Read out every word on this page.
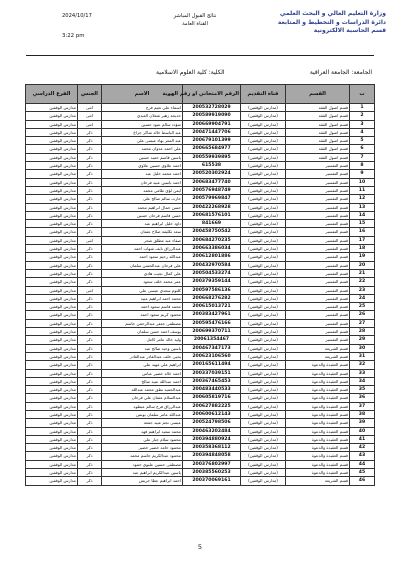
وزارة التعليم العالي و البحث العلمي
دائرة الدراسات و التخطيط و المتابعة
قسم الحاسبة الالكترونية
نتائج القبول المباشر
القناة العامة
2024/10/17
3:22 pm
الجامعة: الجامعة العراقية
الكلية: كلية العلوم الاسلامية
ت	القسم	قناة التقديم	الرقم الامتحاني او رقم الهوية	الاسم	الجنس	الفرع الدراسي
1	قسم اصول الفقه	(مدارس الوقفين)	200532728029	اسماء علي نعيم فرج	انثى	مدارس الوقفين
2	قسم اصول الفقه	(مدارس الوقفين)	200589919090	خديجة زهير شعلان العبدي	انثى	مدارس الوقفين
3	قسم اصول الفقه	(مدارس الوقفين)	200669904791	سؤدد سالم عبود حسين	انثى	مدارس الوقفين
4	قسم اصول الفقه	(مدارس الوقفين)	200471447706	عبد الباسط خالد شاكر جزاع	ذكر	مدارس الوقفين
5	قسم اصول الفقه	(مدارس الوقفين)	200679101399	عبد المعز بهاء عيسى علي	ذكر	مدارس الوقفين
6	قسم اصول الفقه	(مدارس الوقفين)	200665684977	علي احمد عدوان محمد	ذكر	مدارس الوقفين
7	قسم اصول الفقه	(مدارس الوقفين)	200559939895	ياسين قاسم حميد حسين	ذكر	مدارس الوقفين
8	قسم التفسير	(مدارس الوقفين)	615538	احمد علاوي حسين علاوي	ذكر	مدارس الوقفين
9	قسم التفسير	(مدارس الوقفين)	200520302924	احمد محمد خليل عبد	ذكر	مدارس الوقفين
10	قسم التفسير	(مدارس الوقفين)	200683477740	احمد ياسين عبيد فرحان	ذكر	مدارس الوقفين
11	قسم التفسير	(مدارس الوقفين)	200576948749	ايمن لؤي طامي محمد	ذكر	مدارس الوقفين
12	قسم التفسير	(مدارس الوقفين)	200579969847	حارث سالم صالح علي	ذكر	مدارس الوقفين
13	قسم التفسير	(مدارس الوقفين)	200422268928	حسن جمال ابراهيم محمد	ذكر	مدارس الوقفين
14	قسم التفسير	(مدارس الوقفين)	200681576101	حسن قاسم فرحان حسين	ذكر	مدارس الوقفين
15	قسم التفسير	(مدارس الوقفين)	841669	داود خليل ابراهيم عبد	ذكر	مدارس الوقفين
16	قسم التفسير	(مدارس الوقفين)	200458750542	سعد تكليفة صلاح عثمان	ذكر	مدارس الوقفين
17	قسم التفسير	(مدارس الوقفين)	200684270235	صفاء عبد مطلق شحر	انثى	مدارس الوقفين
18	قسم التفسير	(مدارس الوقفين)	200663386034	عبدالرزاق نايف شهاب احمد	ذكر	مدارس الوقفين
19	قسم التفسير	(مدارس الوقفين)	200612801886	عبدالله رحيم سعود احمد	ذكر	مدارس الوقفين
20	قسم التفسير	(مدارس الوقفين)	200432970584	علي فرحان عبدالحسن سلمان	ذكر	مدارس الوقفين
21	قسم التفسير	(مدارس الوقفين)	200504533274	علي كمال نجيب هادي	ذكر	مدارس الوقفين
22	قسم التفسير	(مدارس الوقفين)	200379359144	عمر محمد خلف سعود	ذكر	مدارس الوقفين
23	قسم التفسير	(مدارس الوقفين)	200597586136	كلثوم سعدي عيسى علي	انثى	مدارس الوقفين
24	قسم التفسير	(مدارس الوقفين)	200668276282	محمد احمد ابراهيم عبيد	ذكر	مدارس الوقفين
25	قسم التفسير	(مدارس الوقفين)	200615013721	محمد قاسم سعود احمد	ذكر	مدارس الوقفين
26	قسم التفسير	(مدارس الوقفين)	200383427961	محمود كريم سعود احمد	ذكر	مدارس الوقفين
27	قسم التفسير	(مدارس الوقفين)	200595476166	مصطفى جعفر عبدالرحمن جاسم	ذكر	مدارس الوقفين
28	قسم التفسير	(مدارس الوقفين)	200699370711	يوسف احمد حسن سلمان	ذكر	مدارس الوقفين
29	قسم التفسير	(مدارس الوقفين)	20061354467	وليد خالد عامر كامل	ذكر	مدارس الوقفين
30	قسم الشريعة	(مدارس الوقفين)	200467347173	ياسين وحيد صالح عبد	ذكر	مدارس الوقفين
31	قسم الشريعة	(مدارس الوقفين)	200623106560	يحيى خلف عبدالقادر عبدالقادر	ذكر	مدارس الوقفين
32	قسم العقيدة والدعوة	(مدارس الوقفين)	200165611494	ابراهيم علي مهيد علي	ذكر	مدارس الوقفين
33	قسم العقيدة والدعوة	(مدارس الوقفين)	200337039151	احمد خالد خضير عباس	ذكر	مدارس الوقفين
34	قسم العقيدة والدعوة	(مدارس الوقفين)	200367465453	احمد عبدالله عبيد صالح	ذكر	مدارس الوقفين
35	قسم العقيدة والدعوة	(مدارس الوقفين)	200483440533	عبدالحميد نطق محمد عبدالله	ذكر	مدارس الوقفين
36	قسم العقيدة والدعوة	(مدارس الوقفين)	200605819716	عبدالسلام عثمان علي فرحان	ذكر	مدارس الوقفين
37	قسم العقيدة والدعوة	(مدارس الوقفين)	200627882225	عبدالرزاق فرج سالم عبطوه	ذكر	مدارس الوقفين
38	قسم العقيدة والدعوة	(مدارس الوقفين)	200600612143	عبدالله عامر سلمان يونس	ذكر	مدارس الوقفين
39	قسم العقيدة والدعوة	(مدارس الوقفين)	200524798506	عيسى نجم عبيد جمعة	ذكر	مدارس الوقفين
40	قسم العقيدة والدعوة	(مدارس الوقفين)	200463202484	محمد سعيد ابراهيم فهد	ذكر	مدارس الوقفين
41	قسم العقيدة والدعوة	(مدارس الوقفين)	200394880924	محمود سلام جبار علي	ذكر	مدارس الوقفين
42	قسم العقيدة والدعوة	(مدارس الوقفين)	200358368112	محمود حامد خضير خضير	ذكر	مدارس الوقفين
43	قسم العقيدة والدعوة	(مدارس الوقفين)	200394848058	محمود عبدالكريم جاسم محمد	ذكر	مدارس الوقفين
44	قسم العقيدة والدعوة	(مدارس الوقفين)	200376802997	مصطفى حسين عليوي حمود	ذكر	مدارس الوقفين
45	قسم العقيدة والدعوة	(مدارس الوقفين)	200385560253	ياسين عبدالكريم ابراهيم عبد	ذكر	مدارس الوقفين
46	قسم الشريعة	(مدارس الوقفين)	200370069161	احمد ابراهيم عطا حريش	ذكر	مدارس الوقفين
5
